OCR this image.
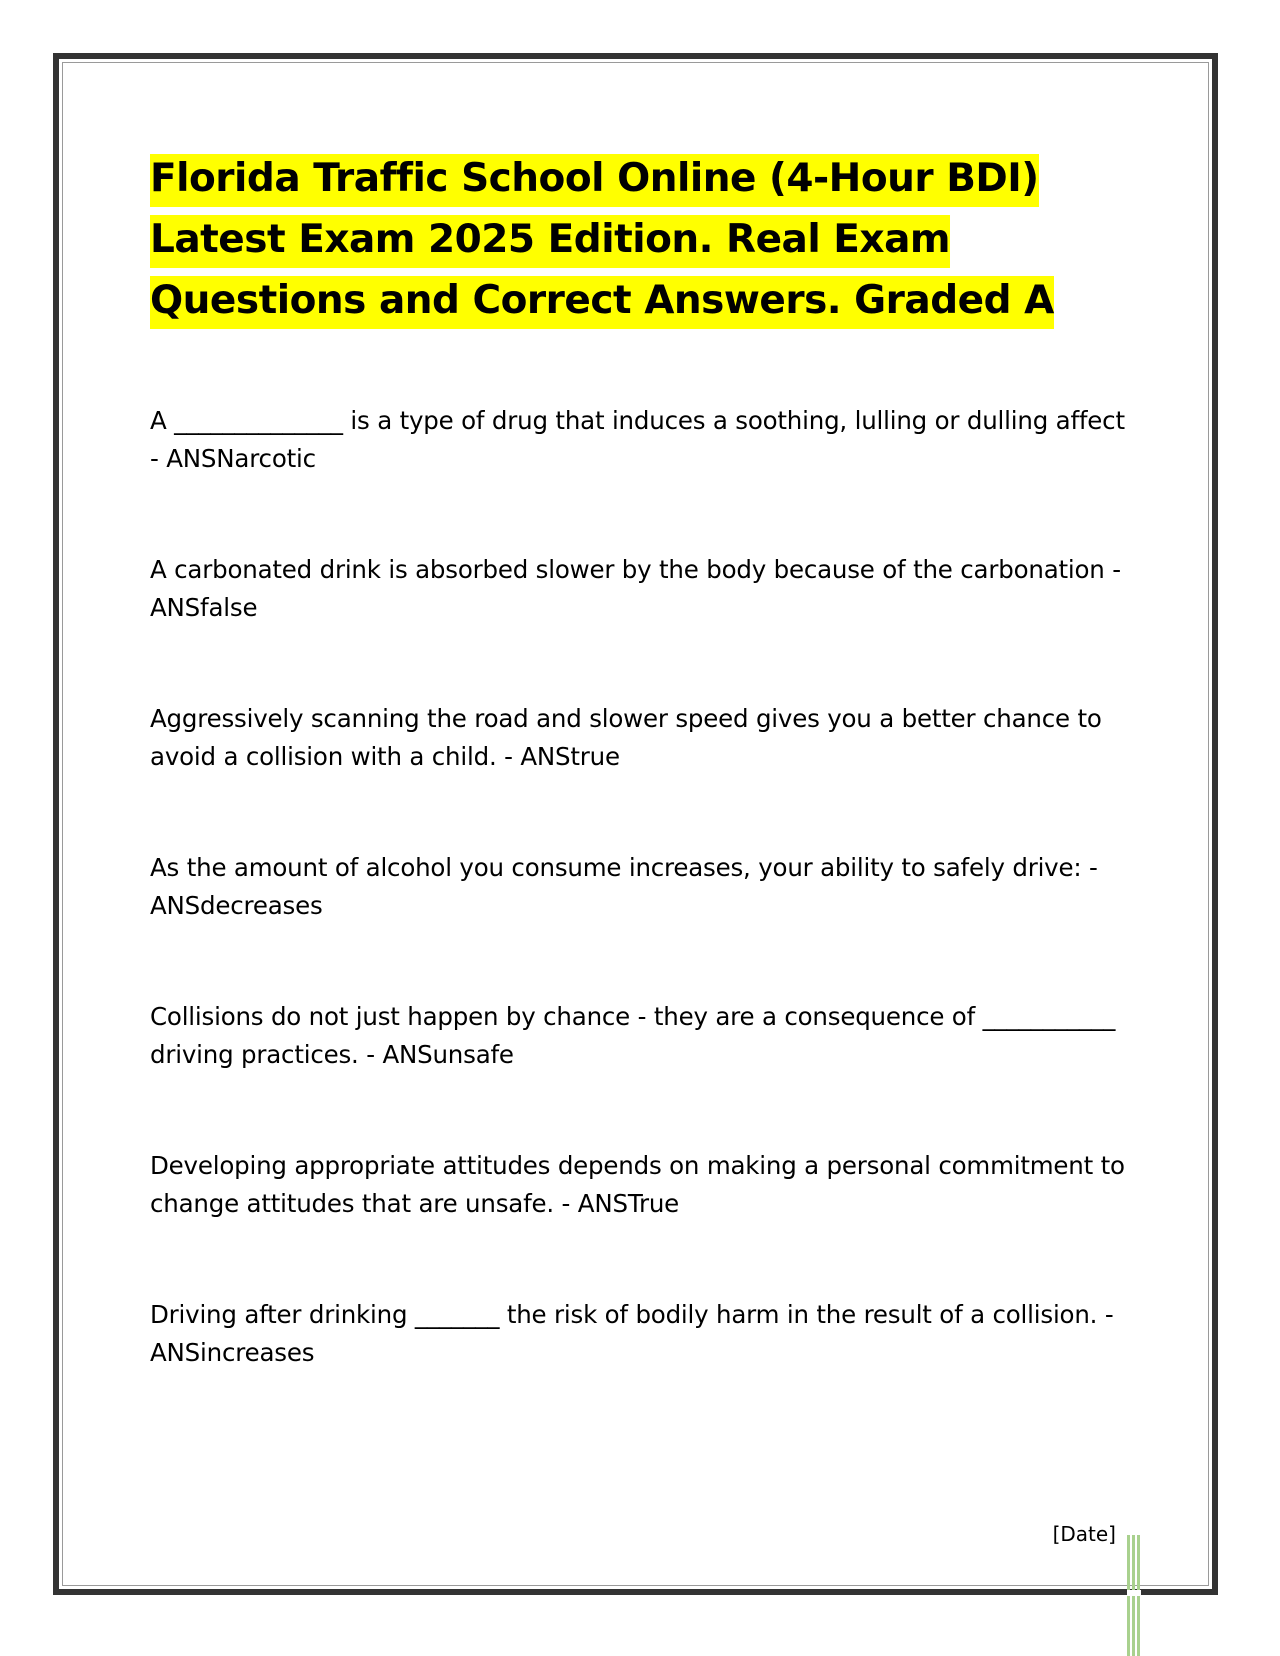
Florida Traffic School Online (4-Hour BDI) Latest Exam 2025 Edition. Real Exam Questions and Correct Answers. Graded A
A ______________ is a type of drug that induces a soothing, lulling or dulling affect - ANSNarcotic
A carbonated drink is absorbed slower by the body because of the carbonation - ANSfalse
Aggressively scanning the road and slower speed gives you a better chance to avoid a collision with a child. - ANStrue
As the amount of alcohol you consume increases, your ability to safely drive: - ANSdecreases
Collisions do not just happen by chance - they are a consequence of ___________ driving practices. - ANSunsafe
Developing appropriate attitudes depends on making a personal commitment to change attitudes that are unsafe. - ANSTrue
Driving after drinking _______ the risk of bodily harm in the result of a collision. - ANSincreases
[Date]
